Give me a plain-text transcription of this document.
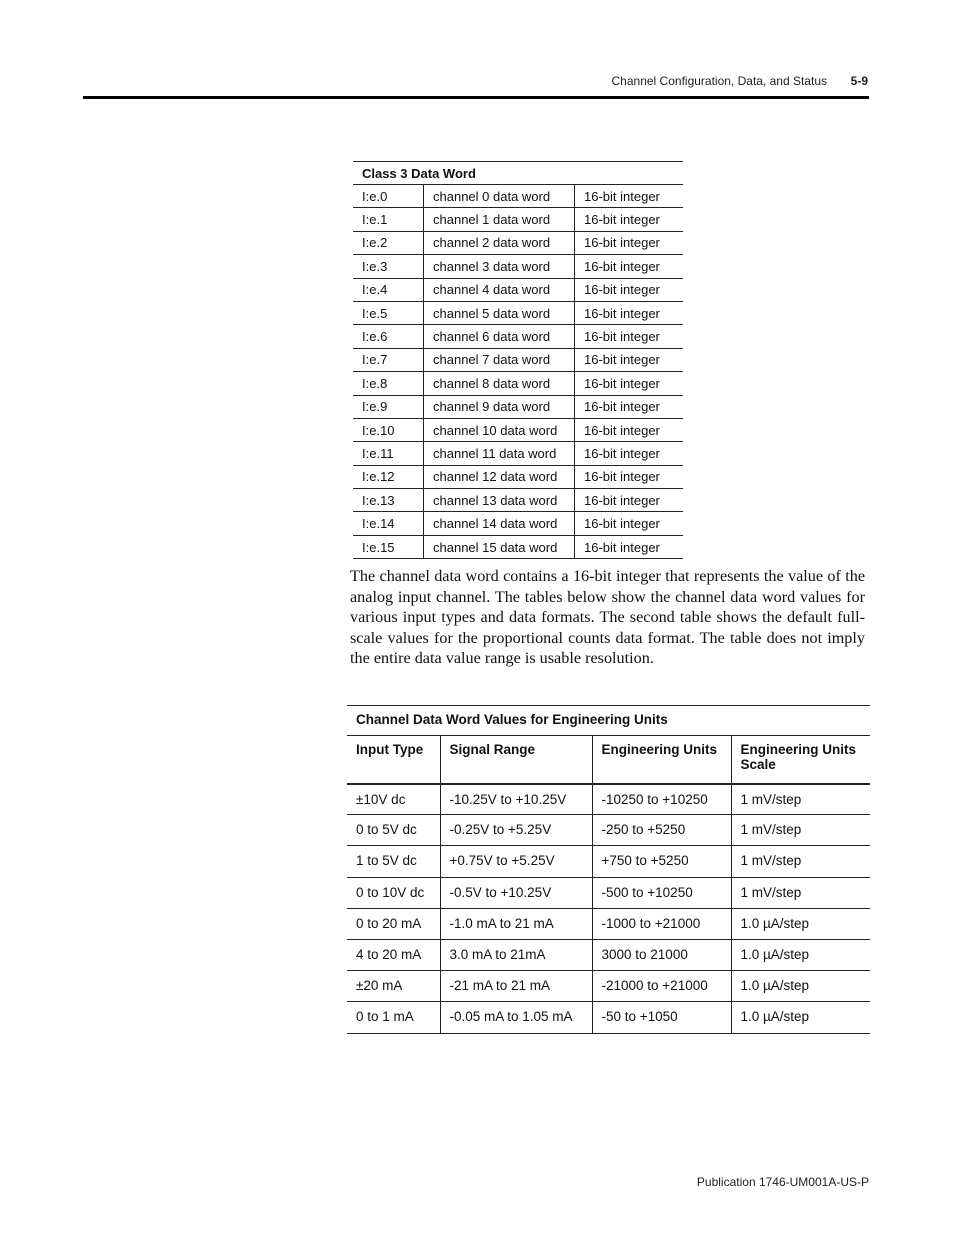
Channel Configuration, Data, and Status 5-9
Class 3 Data Word		
I:e.0	channel 0 data word	16-bit integer
I:e.1	channel 1 data word	16-bit integer
I:e.2	channel 2 data word	16-bit integer
I:e.3	channel 3 data word	16-bit integer
I:e.4	channel 4 data word	16-bit integer
I:e.5	channel 5 data word	16-bit integer
I:e.6	channel 6 data word	16-bit integer
I:e.7	channel 7 data word	16-bit integer
I:e.8	channel 8 data word	16-bit integer
I:e.9	channel 9 data word	16-bit integer
I:e.10	channel 10 data word	16-bit integer
I:e.11	channel 11 data word	16-bit integer
I:e.12	channel 12 data word	16-bit integer
I:e.13	channel 13 data word	16-bit integer
I:e.14	channel 14 data word	16-bit integer
I:e.15	channel 15 data word	16-bit integer
The channel data word contains a 16-bit integer that represents the value of the analog input channel. The tables below show the channel data word values for various input types and data formats. The second table shows the default full-scale values for the proportional counts data format. The table does not imply the entire data value range is usable resolution.
Channel Data Word Values for Engineering Units			
Input Type	Signal Range	Engineering Units	Engineering Units Scale
±10V dc	-10.25V to +10.25V	-10250 to +10250	1 mV/step
0 to 5V dc	-0.25V to +5.25V	-250 to +5250	1 mV/step
1 to 5V dc	+0.75V to +5.25V	+750 to +5250	1 mV/step
0 to 10V dc	-0.5V to +10.25V	-500 to +10250	1 mV/step
0 to 20 mA	-1.0 mA to 21 mA	-1000 to +21000	1.0 µA/step
4 to 20 mA	3.0 mA to 21mA	3000 to 21000	1.0 µA/step
±20 mA	-21 mA to 21 mA	-21000 to +21000	1.0 µA/step
0 to 1 mA	-0.05 mA to 1.05 mA	-50 to +1050	1.0 µA/step
Publication 1746-UM001A-US-P
